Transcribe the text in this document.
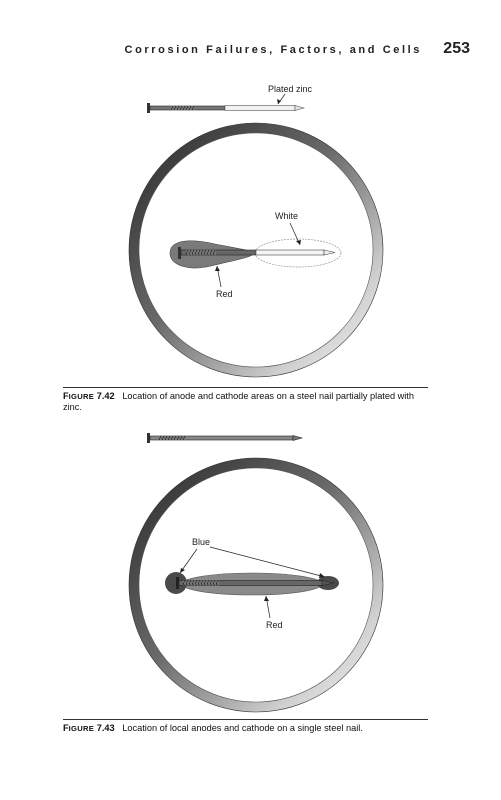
Corrosion Failures, Factors, and Cells 253
Plated zinc
White
Red
FIGURE 7.42 Location of anode and cathode areas on a steel nail partially plated with zinc.
Blue
Red
FIGURE 7.43 Location of local anodes and cathode on a single steel nail.
